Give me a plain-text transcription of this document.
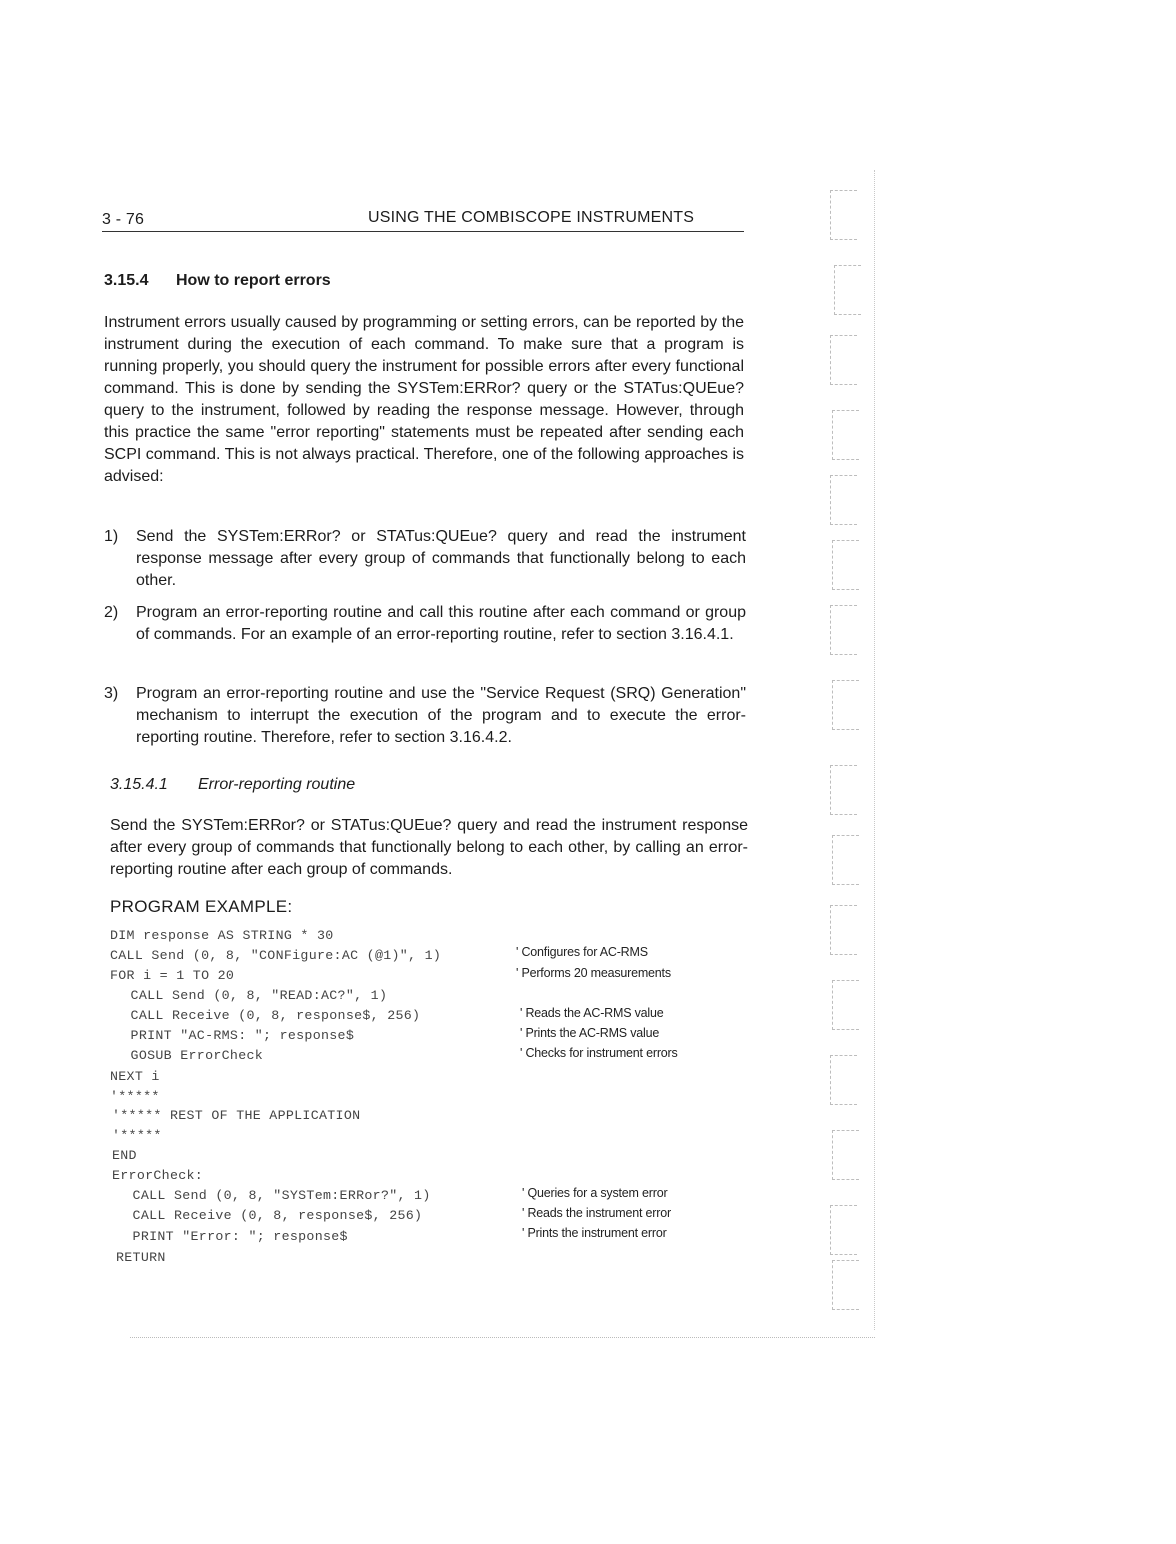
3 - 76	USING THE COMBISCOPE INSTRUMENTS
3.15.4 How to report errors
Instrument errors usually caused by programming or setting errors, can be reported by the instrument during the execution of each command. To make sure that a program is running properly, you should query the instrument for possible errors after every functional command. This is done by sending the SYSTem:ERRor? query or the STATus:QUEue? query to the instrument, followed by reading the response message. However, through this practice the same "error reporting" statements must be repeated after sending each SCPI command. This is not always practical. Therefore, one of the following approaches is advised:
1)	Send the SYSTem:ERRor? or STATus:QUEue? query and read the instrument response message after every group of commands that functionally belong to each other.
2)	Program an error-reporting routine and call this routine after each command or group of commands. For an example of an error-reporting routine, refer to section 3.16.4.1.
3)	Program an error-reporting routine and use the "Service Request (SRQ) Generation" mechanism to interrupt the execution of the program and to execute the error-reporting routine. Therefore, refer to section 3.16.4.2.
3.15.4.1 Error-reporting routine
Send the SYSTem:ERRor? or STATus:QUEue? query and read the instrument response after every group of commands that functionally belong to each other, by calling an error-reporting routine after each group of commands.
PROGRAM EXAMPLE:
DIM response AS STRING * 30
CALL Send (0, 8, "CONFigure:AC (@1)", 1)
FOR i = 1 TO 20
CALL Send (0, 8, "READ:AC?", 1)
CALL Receive (0, 8, response$, 256)
PRINT "AC-RMS: "; response$
GOSUB ErrorCheck
NEXT i
'*****
'***** REST OF THE APPLICATION
'*****
END
ErrorCheck:
CALL Send (0, 8, "SYSTem:ERRor?", 1)
CALL Receive (0, 8, response$, 256)
PRINT "Error: "; response$
RETURN
' Configures for AC-RMS
' Performs 20 measurements
' Reads the AC-RMS value
' Prints the AC-RMS value
' Checks for instrument errors
' Queries for a system error
' Reads the instrument error
' Prints the instrument error
